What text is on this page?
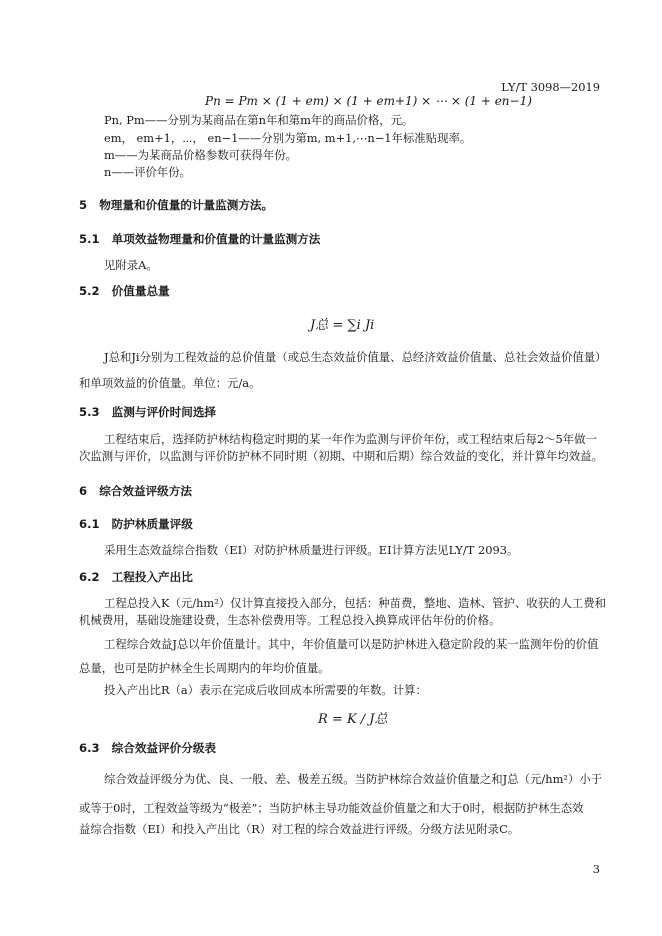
LY/T 3098—2019
Pn = Pm × (1 + em) × (1 + em+1) × ⋯ × (1 + en−1)
Pn, Pm——分别为某商品在第n年和第m年的商品价格，元。
em， em+1，⋯， en−1——分别为第m, m+1,⋯n−1年标准贴现率。
m——为某商品价格参数可获得年份。
n——评价年份。
5 物理量和价值量的计量监测方法。
5.1 单项效益物理量和价值量的计量监测方法
见附录A。
5.2 价值量总量
J总 = ∑i Ji
J总和Ji分别为工程效益的总价值量（或总生态效益价值量、总经济效益价值量、总社会效益价值量）
和单项效益的价值量。单位：元/a。
5.3 监测与评价时间选择
工程结束后，选择防护林结构稳定时期的某一年作为监测与评价年份，或工程结束后每2～5年做一
次监测与评价，以监测与评价防护林不同时期（初期、中期和后期）综合效益的变化，并计算年均效益。
6 综合效益评级方法
6.1 防护林质量评级
采用生态效益综合指数（EI）对防护林质量进行评级。EI计算方法见LY/T 2093。
6.2 工程投入产出比
工程总投入K（元/hm²）仅计算直接投入部分，包括：种苗费，整地、造林、管护、收获的人工费和
机械费用，基础设施建设费，生态补偿费用等。工程总投入换算成评估年份的价格。
工程综合效益J总以年价值量计。其中，年价值量可以是防护林进入稳定阶段的某一监测年份的价值
总量，也可是防护林全生长周期内的年均价值量。
投入产出比R（a）表示在完成后收回成本所需要的年数。计算：
R = K / J总
6.3 综合效益评价分级表
综合效益评级分为优、良、一般、差、极差五级。当防护林综合效益价值量之和J总（元/hm²）小于
或等于0时，工程效益等级为“极差”；当防护林主导功能效益价值量之和大于0时，根据防护林生态效
益综合指数（EI）和投入产出比（R）对工程的综合效益进行评级。分级方法见附录C。
3
